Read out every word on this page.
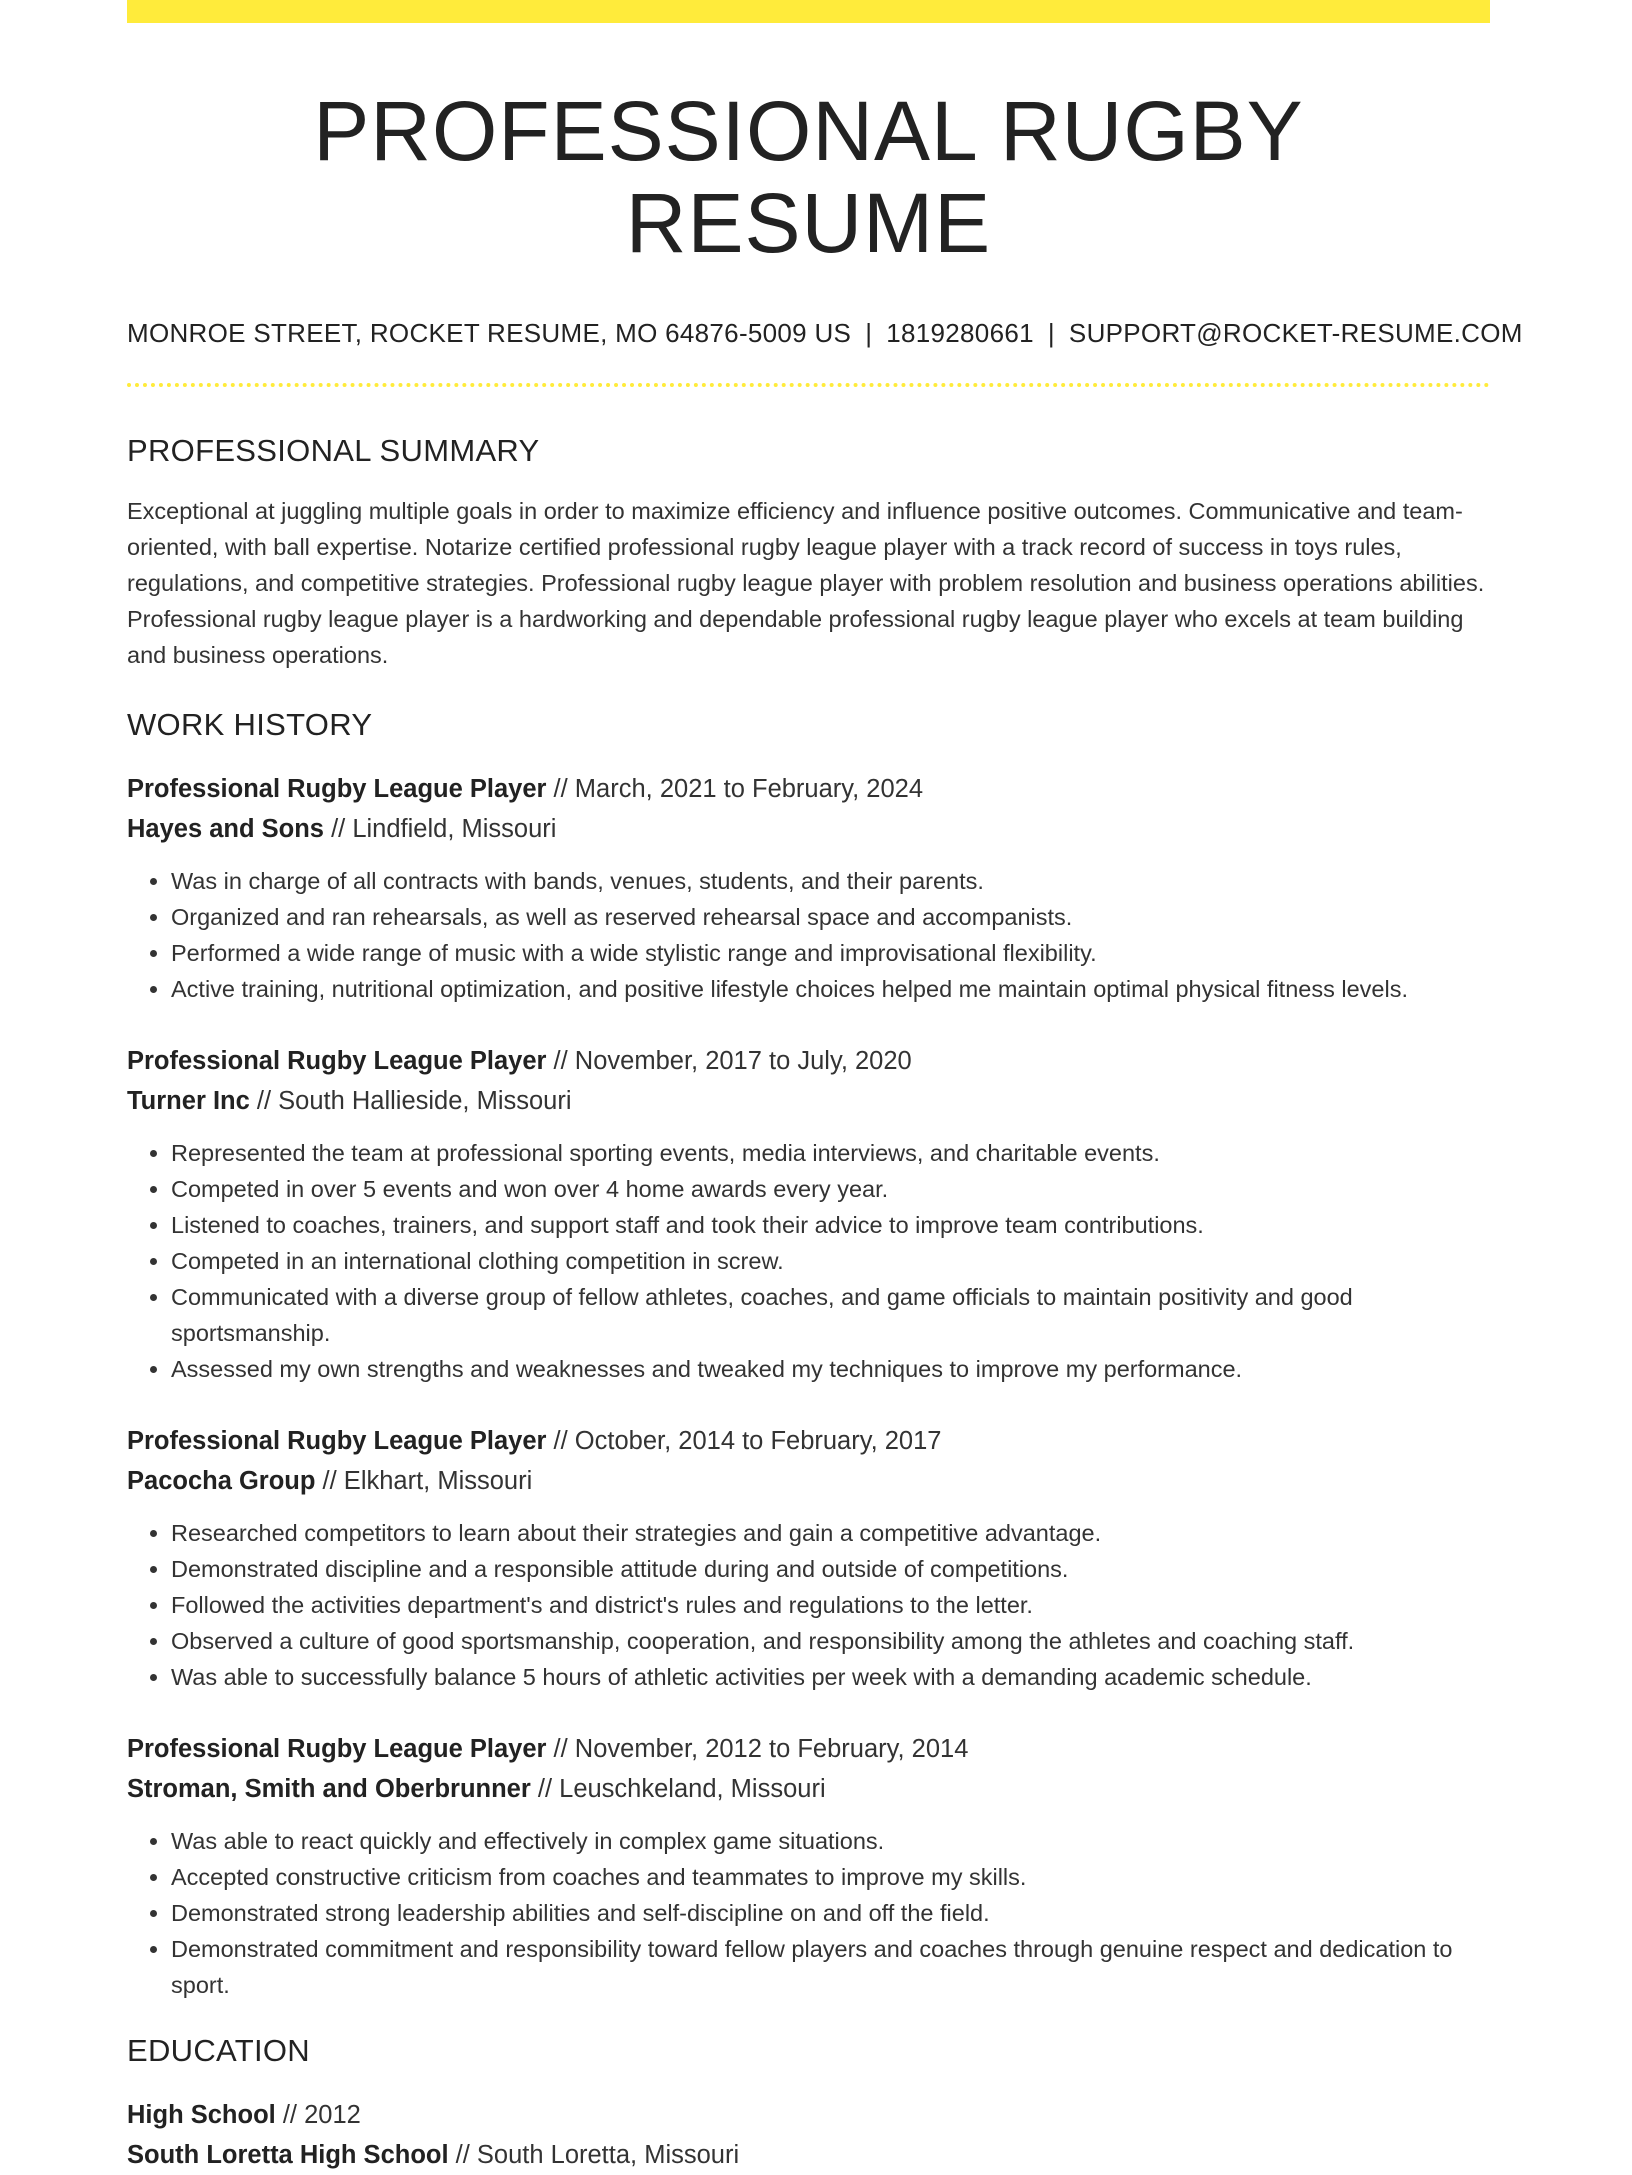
PROFESSIONAL RUGBY RESUME
MONROE STREET, ROCKET RESUME, MO 64876-5009 US | 1819280661 | SUPPORT@ROCKET-RESUME.COM
PROFESSIONAL SUMMARY
Exceptional at juggling multiple goals in order to maximize efficiency and influence positive outcomes. Communicative and team-oriented, with ball expertise. Notarize certified professional rugby league player with a track record of success in toys rules, regulations, and competitive strategies. Professional rugby league player with problem resolution and business operations abilities. Professional rugby league player is a hardworking and dependable professional rugby league player who excels at team building and business operations.
WORK HISTORY
Professional Rugby League Player // March, 2021 to February, 2024
Hayes and Sons // Lindfield, Missouri
• Was in charge of all contracts with bands, venues, students, and their parents.
• Organized and ran rehearsals, as well as reserved rehearsal space and accompanists.
• Performed a wide range of music with a wide stylistic range and improvisational flexibility.
• Active training, nutritional optimization, and positive lifestyle choices helped me maintain optimal physical fitness levels.
Professional Rugby League Player // November, 2017 to July, 2020
Turner Inc // South Hallieside, Missouri
• Represented the team at professional sporting events, media interviews, and charitable events.
• Competed in over 5 events and won over 4 home awards every year.
• Listened to coaches, trainers, and support staff and took their advice to improve team contributions.
• Competed in an international clothing competition in screw.
• Communicated with a diverse group of fellow athletes, coaches, and game officials to maintain positivity and good sportsmanship.
• Assessed my own strengths and weaknesses and tweaked my techniques to improve my performance.
Professional Rugby League Player // October, 2014 to February, 2017
Pacocha Group // Elkhart, Missouri
• Researched competitors to learn about their strategies and gain a competitive advantage.
• Demonstrated discipline and a responsible attitude during and outside of competitions.
• Followed the activities department's and district's rules and regulations to the letter.
• Observed a culture of good sportsmanship, cooperation, and responsibility among the athletes and coaching staff.
• Was able to successfully balance 5 hours of athletic activities per week with a demanding academic schedule.
Professional Rugby League Player // November, 2012 to February, 2014
Stroman, Smith and Oberbrunner // Leuschkeland, Missouri
• Was able to react quickly and effectively in complex game situations.
• Accepted constructive criticism from coaches and teammates to improve my skills.
• Demonstrated strong leadership abilities and self-discipline on and off the field.
• Demonstrated commitment and responsibility toward fellow players and coaches through genuine respect and dedication to sport.
EDUCATION
High School // 2012
South Loretta High School // South Loretta, Missouri
